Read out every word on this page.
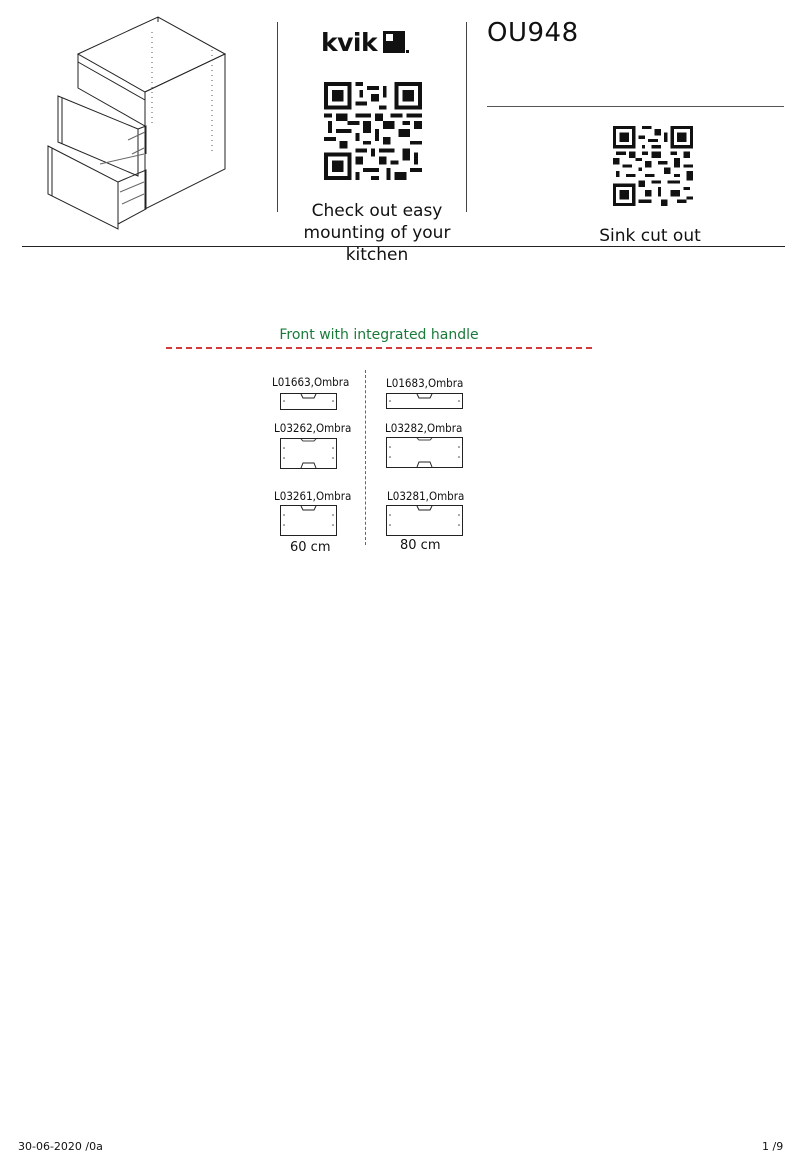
kvik
Check out easy
mounting of your kitchen
OU948
Sink cut out
Front with integrated handle
L01663,Ombra
L03262,Ombra
L03261,Ombra
60 cm
L01683,Ombra
L03282,Ombra
L03281,Ombra
80 cm
30-06-2020 /0a	1 /9
